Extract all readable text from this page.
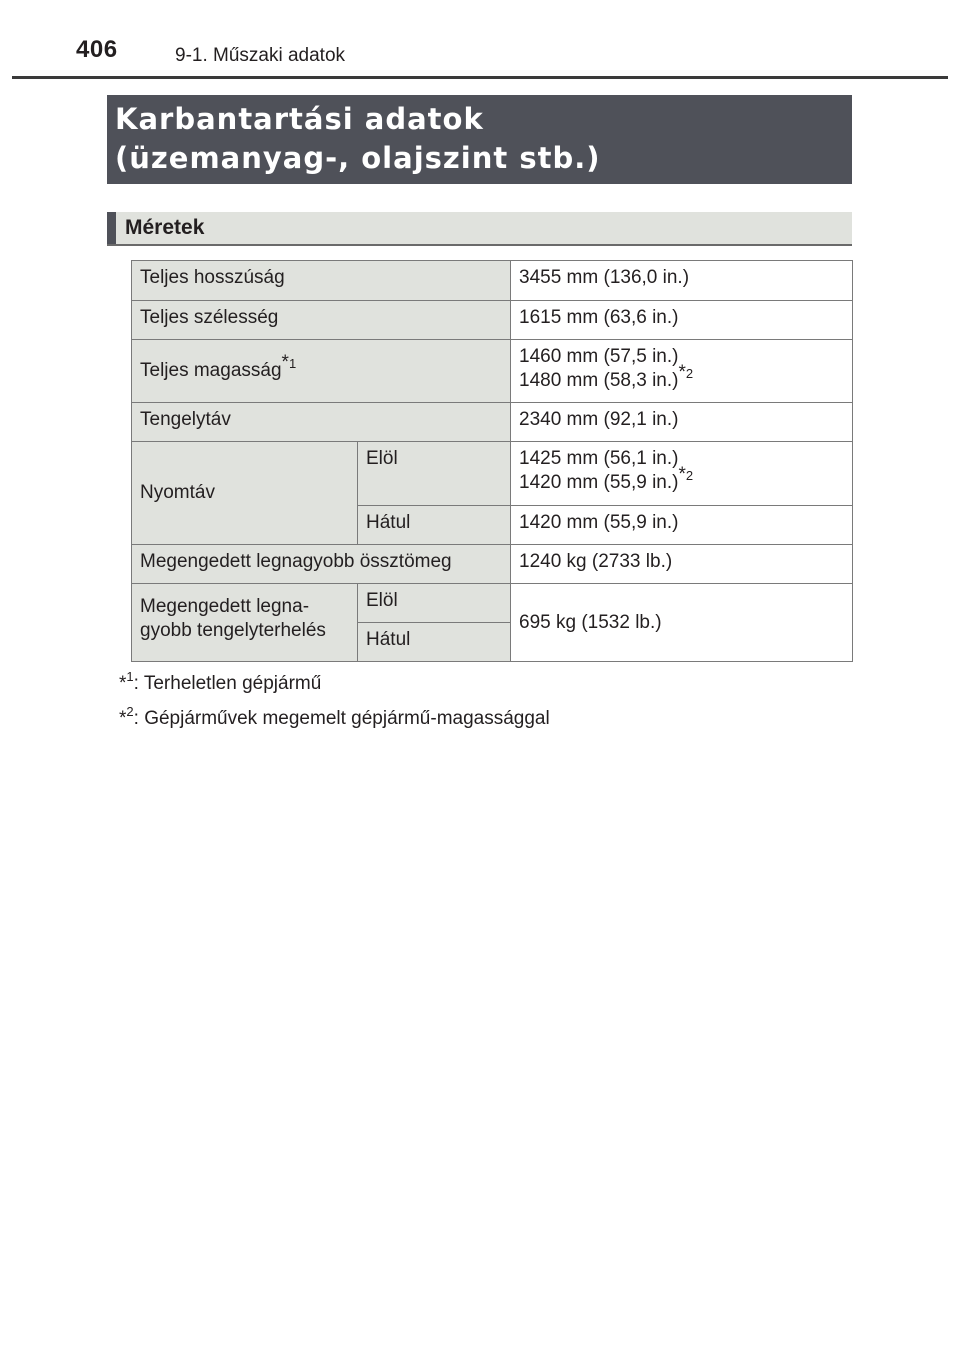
406	9-1. Műszaki adatok
Karbantartási adatok
(üzemanyag-, olajszint stb.)
Méretek
Teljes hosszúság		3455 mm (136,0 in.)
Teljes szélesség		1615 mm (63,6 in.)
Teljes magasság$^{*1}$		1460 mm (57,5 in.)
1480 mm (58,3 in.)$^{*2}$

Tengelytáv		2340 mm (92,1 in.)
Nyomtáv	Elöl	1425 mm (56,1 in.)
1420 mm (55,9 in.)$^{*2}$

	Hátul	1420 mm (55,9 in.)
Megengedett legnagyobb össztömeg		1240 kg (2733 lb.)

Megengedett legna-
gyobb tengelyterhelés	Elöl	695 kg (1532 lb.)
	Hátul	
*$^1$: Terheletlen gépjármű
*$^2$: Gépjárművek megemelt gépjármű-magassággal
